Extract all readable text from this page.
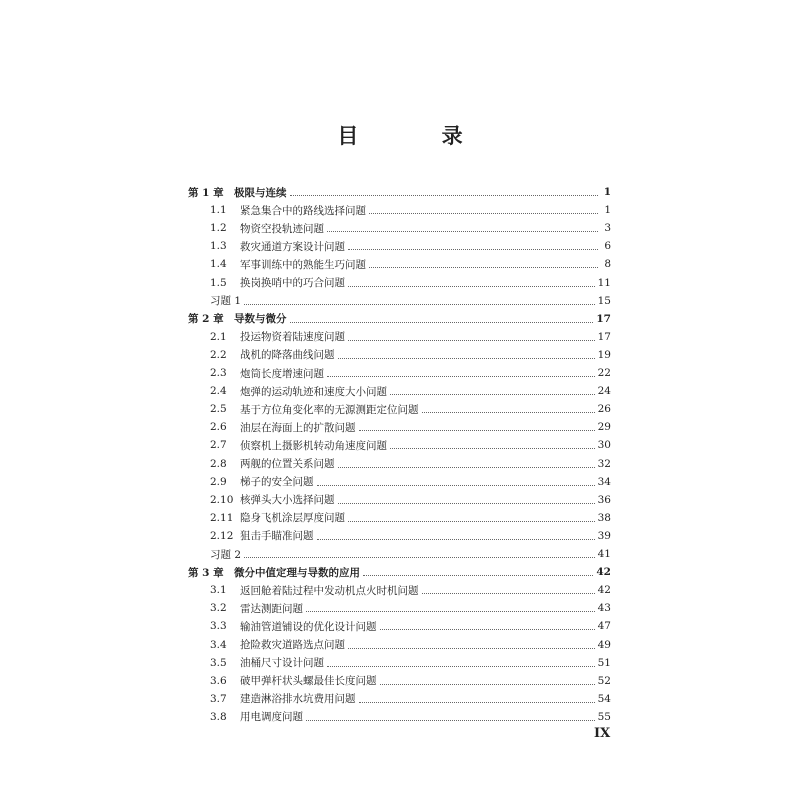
目 录
第 1 章 极限与连续	1
1.1	紧急集合中的路线选择问题	1
1.2	物资空投轨迹问题	3
1.3	救灾通道方案设计问题	6
1.4	军事训练中的熟能生巧问题	8
1.5	换岗换哨中的巧合问题	11
习题 1	15
第 2 章 导数与微分	17
2.1	投运物资着陆速度问题	17
2.2	战机的降落曲线问题	19
2.3	炮筒长度增速问题	22
2.4	炮弹的运动轨迹和速度大小问题	24
2.5	基于方位角变化率的无源测距定位问题	26
2.6	油层在海面上的扩散问题	29
2.7	侦察机上摄影机转动角速度问题	30
2.8	两舰的位置关系问题	32
2.9	梯子的安全问题	34
2.10 核弹头大小选择问题	36
2.11 隐身飞机涂层厚度问题	38
2.12 狙击手瞄准问题	39
习题 2	41
第 3 章 微分中值定理与导数的应用	42
3.1	返回舱着陆过程中发动机点火时机问题	42
3.2	雷达测距问题	43
3.3	输油管道铺设的优化设计问题	47
3.4	抢险救灾道路选点问题	49
3.5	油桶尺寸设计问题	51
3.6	破甲弹杆状头螺最佳长度问题	52
3.7	建造淋浴排水坑费用问题	54
3.8	用电调度问题	55
IX
